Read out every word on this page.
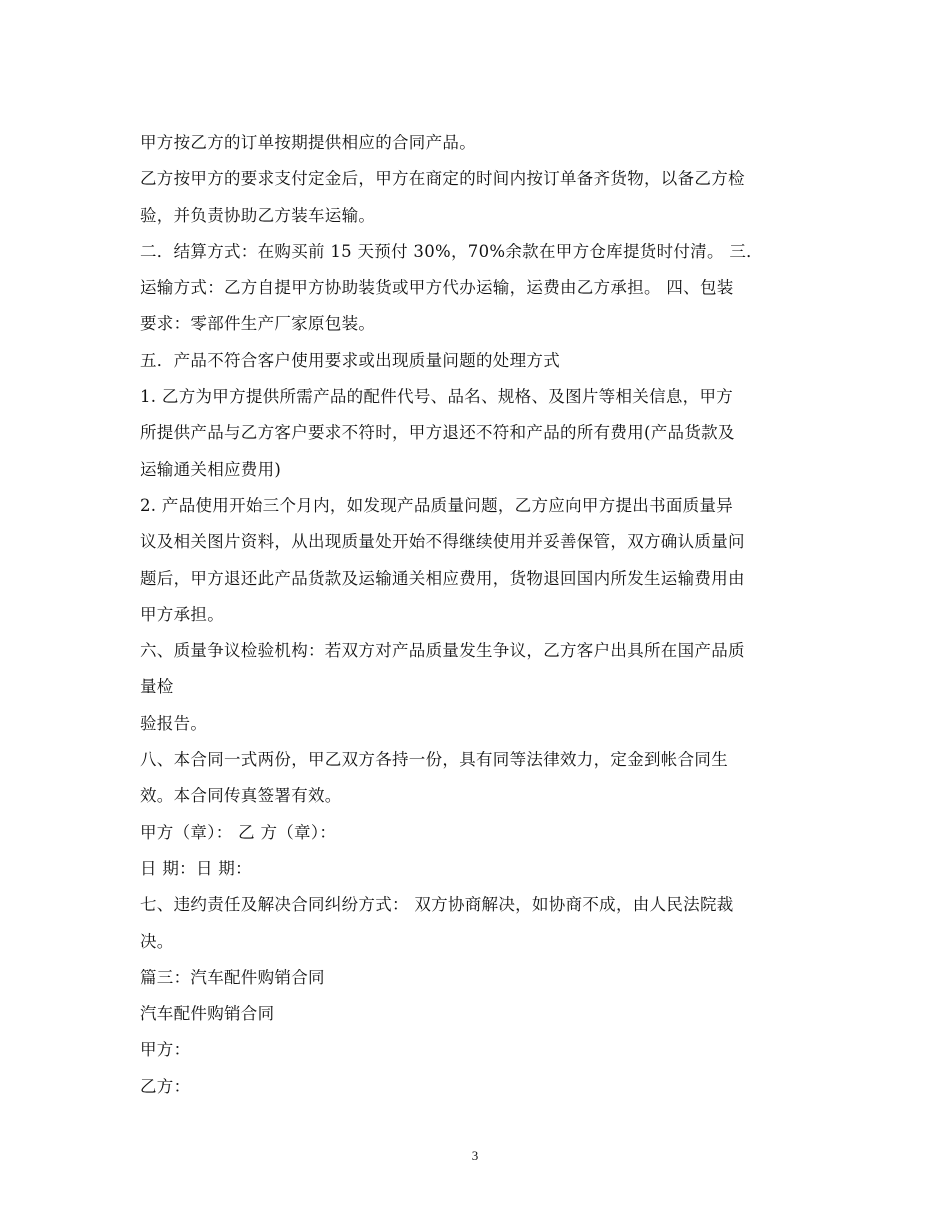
甲方按乙方的订单按期提供相应的合同产品。
乙方按甲方的要求支付定金后，甲方在商定的时间内按订单备齐货物，以备乙方检
验，并负责协助乙方装车运输。
二．结算方式：在购买前 15 天预付 30%，70%余款在甲方仓库提货时付清。 三．
运输方式：乙方自提甲方协助装货或甲方代办运输，运费由乙方承担。 四、包装
要求：零部件生产厂家原包装。
五．产品不符合客户使用要求或出现质量问题的处理方式
1. 乙方为甲方提供所需产品的配件代号、品名、规格、及图片等相关信息，甲方
所提供产品与乙方客户要求不符时，甲方退还不符和产品的所有费用(产品货款及
运输通关相应费用)
2. 产品使用开始三个月内，如发现产品质量问题，乙方应向甲方提出书面质量异
议及相关图片资料，从出现质量处开始不得继续使用并妥善保管，双方确认质量问
题后，甲方退还此产品货款及运输通关相应费用，货物退回国内所发生运输费用由
甲方承担。
六、质量争议检验机构：若双方对产品质量发生争议，乙方客户出具所在国产品质
量检
验报告。
八、本合同一式两份，甲乙双方各持一份，具有同等法律效力，定金到帐合同生
效。本合同传真签署有效。
甲方（章）： 乙 方（章）：
日 期：日 期：
七、违约责任及解决合同纠纷方式： 双方协商解决，如协商不成，由人民法院裁
决。
篇三：汽车配件购销合同
汽车配件购销合同
甲方：
乙方：
3
